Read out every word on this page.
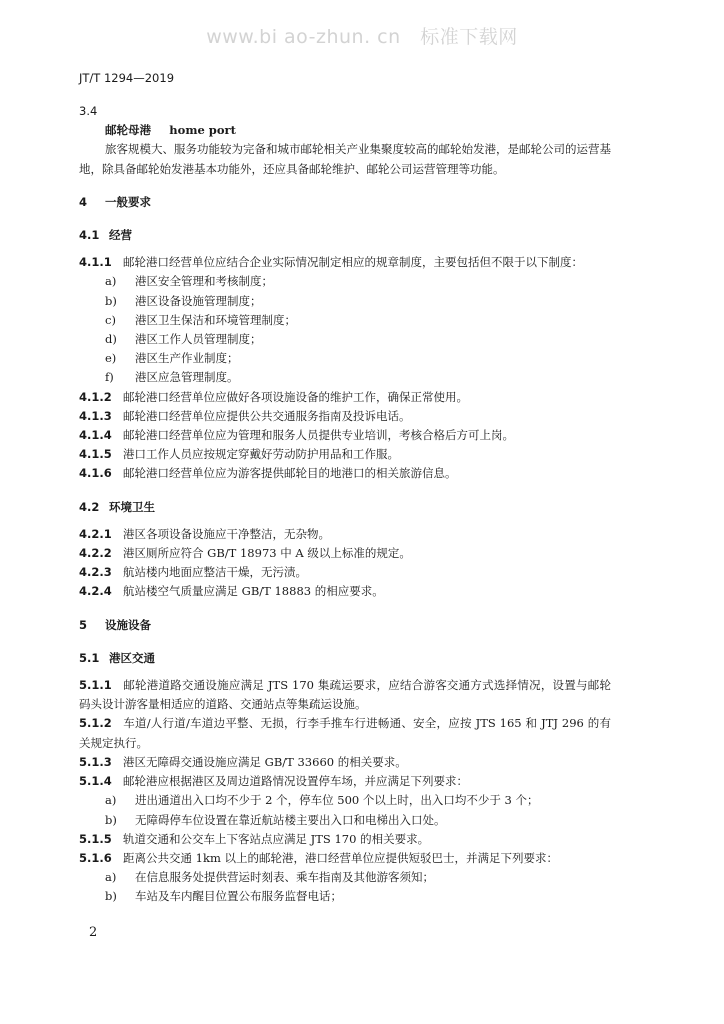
www.bi ao-zhun. cn   标准下载网
JT/T 1294—2019
3.4
邮轮母港 home port
旅客规模大、服务功能较为完备和城市邮轮相关产业集聚度较高的邮轮始发港，是邮轮公司的运营基地，除具备邮轮始发港基本功能外，还应具备邮轮维护、邮轮公司运营管理等功能。
4 一般要求
4.1 经营
4.1.1 邮轮港口经营单位应结合企业实际情况制定相应的规章制度，主要包括但不限于以下制度：
a) 港区安全管理和考核制度；
b) 港区设备设施管理制度；
c) 港区卫生保洁和环境管理制度；
d) 港区工作人员管理制度；
e) 港区生产作业制度；
f) 港区应急管理制度。
4.1.2 邮轮港口经营单位应做好各项设施设备的维护工作，确保正常使用。
4.1.3 邮轮港口经营单位应提供公共交通服务指南及投诉电话。
4.1.4 邮轮港口经营单位应为管理和服务人员提供专业培训，考核合格后方可上岗。
4.1.5 港口工作人员应按规定穿戴好劳动防护用品和工作服。
4.1.6 邮轮港口经营单位应为游客提供邮轮目的地港口的相关旅游信息。
4.2 环境卫生
4.2.1 港区各项设备设施应干净整洁，无杂物。
4.2.2 港区厕所应符合 GB/T 18973 中 A 级以上标准的规定。
4.2.3 航站楼内地面应整洁干燥，无污渍。
4.2.4 航站楼空气质量应满足 GB/T 18883 的相应要求。
5 设施设备
5.1 港区交通
5.1.1 邮轮港道路交通设施应满足 JTS 170 集疏运要求，应结合游客交通方式选择情况，设置与邮轮码头设计游客量相适应的道路、交通站点等集疏运设施。
5.1.2 车道/人行道/车道边平整、无损，行李手推车行进畅通、安全，应按 JTS 165 和 JTJ 296 的有关规定执行。
5.1.3 港区无障碍交通设施应满足 GB/T 33660 的相关要求。
5.1.4 邮轮港应根据港区及周边道路情况设置停车场，并应满足下列要求：
a) 进出通道出入口均不少于 2 个，停车位 500 个以上时，出入口均不少于 3 个；
b) 无障碍停车位设置在靠近航站楼主要出入口和电梯出入口处。
5.1.5 轨道交通和公交车上下客站点应满足 JTS 170 的相关要求。
5.1.6 距离公共交通 1km 以上的邮轮港，港口经营单位应提供短驳巴士，并满足下列要求：
a) 在信息服务处提供营运时刻表、乘车指南及其他游客须知；
b) 车站及车内醒目位置公布服务监督电话；
2
